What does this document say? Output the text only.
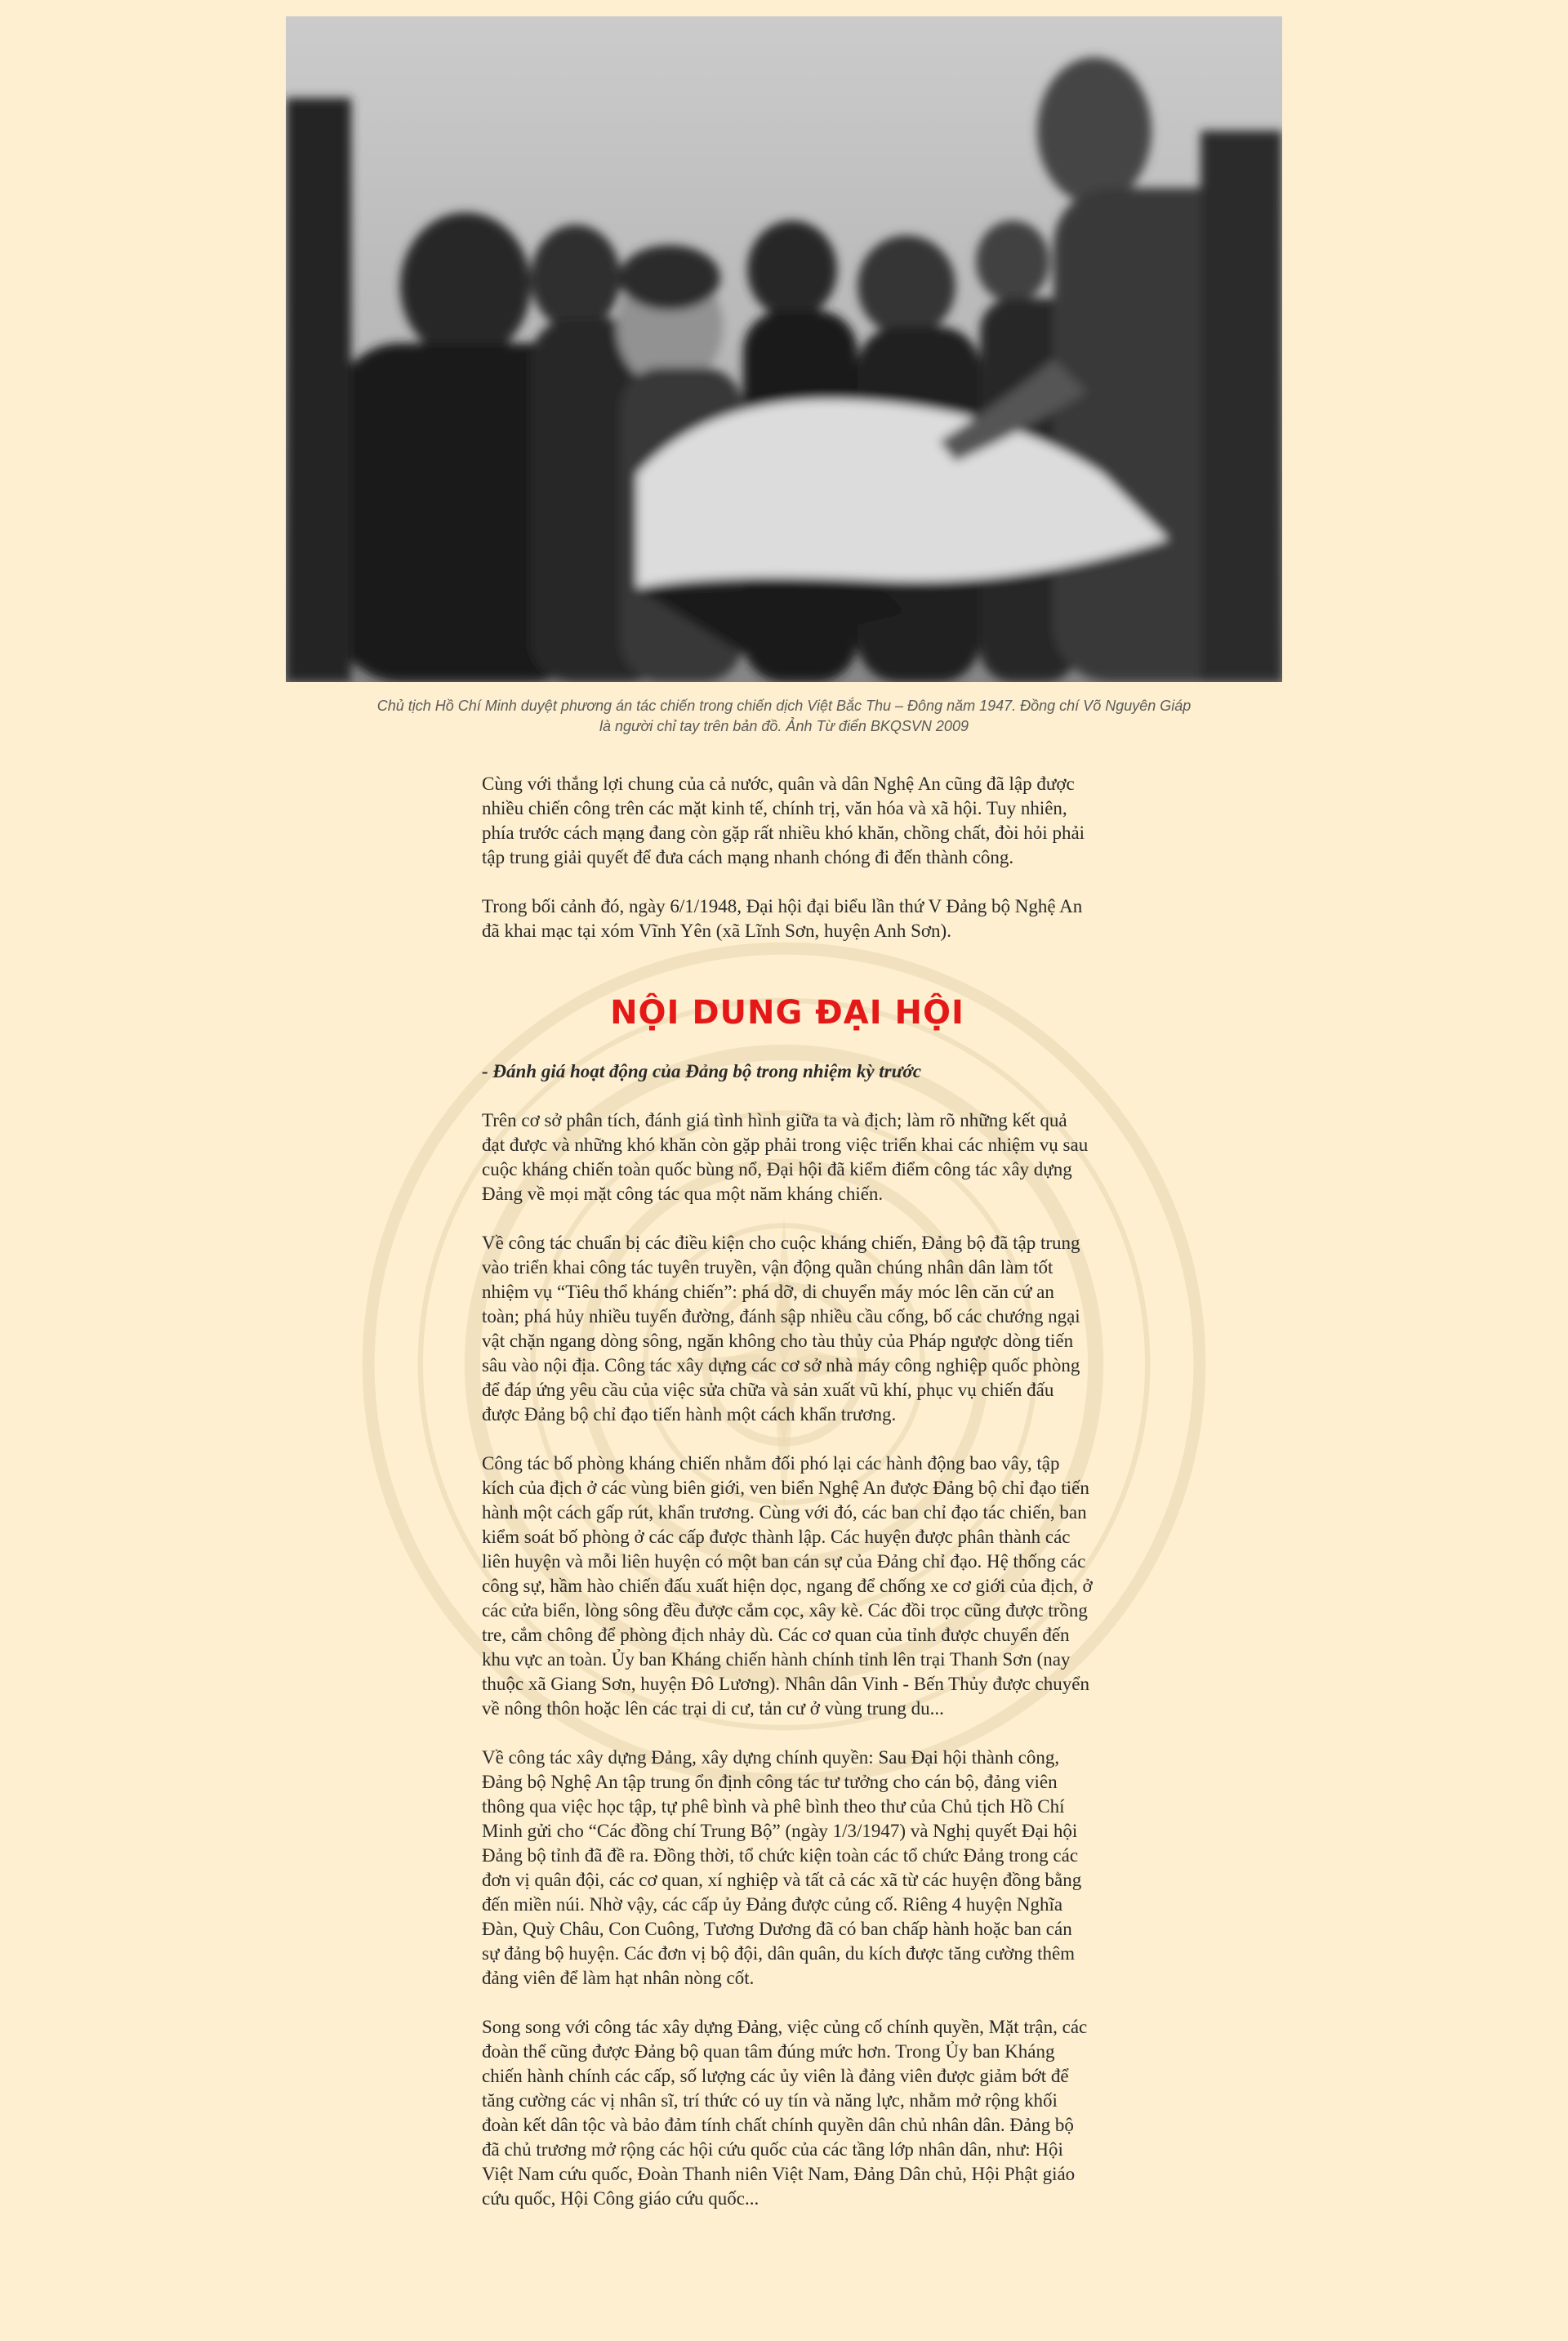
Chủ tịch Hồ Chí Minh duyệt phương án tác chiến trong chiến dịch Việt Bắc Thu – Đông năm 1947. Đồng chí Võ Nguyên Giáp
là người chỉ tay trên bản đồ. Ảnh Từ điển BKQSVN 2009

Cùng với thắng lợi chung của cả nước, quân và dân Nghệ An cũng đã lập được nhiều chiến công trên các mặt kinh tế, chính trị, văn hóa và xã hội. Tuy nhiên, phía trước cách mạng đang còn gặp rất nhiều khó khăn, chồng chất, đòi hỏi phải tập trung giải quyết để đưa cách mạng nhanh chóng đi đến thành công.

Trong bối cảnh đó, ngày 6/1/1948, Đại hội đại biểu lần thứ V Đảng bộ Nghệ An đã khai mạc tại xóm Vĩnh Yên (xã Lĩnh Sơn, huyện Anh Sơn).

NỘI DUNG ĐẠI HỘI

- Đánh giá hoạt động của Đảng bộ trong nhiệm kỳ trước

Trên cơ sở phân tích, đánh giá tình hình giữa ta và địch; làm rõ những kết quả đạt được và những khó khăn còn gặp phải trong việc triển khai các nhiệm vụ sau cuộc kháng chiến toàn quốc bùng nổ, Đại hội đã kiểm điểm công tác xây dựng Đảng về mọi mặt công tác qua một năm kháng chiến.

Về công tác chuẩn bị các điều kiện cho cuộc kháng chiến, Đảng bộ đã tập trung vào triển khai công tác tuyên truyền, vận động quần chúng nhân dân làm tốt nhiệm vụ “Tiêu thổ kháng chiến”: phá dỡ, di chuyển máy móc lên căn cứ an toàn; phá hủy nhiều tuyến đường, đánh sập nhiều cầu cống, bố các chướng ngại vật chặn ngang dòng sông, ngăn không cho tàu thủy của Pháp ngược dòng tiến sâu vào nội địa. Công tác xây dựng các cơ sở nhà máy công nghiệp quốc phòng để đáp ứng yêu cầu của việc sửa chữa và sản xuất vũ khí, phục vụ chiến đấu được Đảng bộ chỉ đạo tiến hành một cách khẩn trương.

Công tác bố phòng kháng chiến nhằm đối phó lại các hành động bao vây, tập kích của địch ở các vùng biên giới, ven biển Nghệ An được Đảng bộ chỉ đạo tiến hành một cách gấp rút, khẩn trương. Cùng với đó, các ban chỉ đạo tác chiến, ban kiểm soát bố phòng ở các cấp được thành lập. Các huyện được phân thành các liên huyện và mỗi liên huyện có một ban cán sự của Đảng chỉ đạo. Hệ thống các công sự, hầm hào chiến đấu xuất hiện dọc, ngang để chống xe cơ giới của địch, ở các cửa biển, lòng sông đều được cắm cọc, xây kè. Các đồi trọc cũng được trồng tre, cắm chông để phòng địch nhảy dù. Các cơ quan của tỉnh được chuyển đến khu vực an toàn. Ủy ban Kháng chiến hành chính tỉnh lên trại Thanh Sơn (nay thuộc xã Giang Sơn, huyện Đô Lương). Nhân dân Vinh - Bến Thủy được chuyển về nông thôn hoặc lên các trại di cư, tản cư ở vùng trung du...

Về công tác xây dựng Đảng, xây dựng chính quyền: Sau Đại hội thành công, Đảng bộ Nghệ An tập trung ổn định công tác tư tưởng cho cán bộ, đảng viên thông qua việc học tập, tự phê bình và phê bình theo thư của Chủ tịch Hồ Chí Minh gửi cho “Các đồng chí Trung Bộ” (ngày 1/3/1947) và Nghị quyết Đại hội Đảng bộ tỉnh đã đề ra. Đồng thời, tổ chức kiện toàn các tổ chức Đảng trong các đơn vị quân đội, các cơ quan, xí nghiệp và tất cả các xã từ các huyện đồng bằng đến miền núi. Nhờ vậy, các cấp ủy Đảng được củng cố. Riêng 4 huyện Nghĩa Đàn, Quỳ Châu, Con Cuông, Tương Dương đã có ban chấp hành hoặc ban cán sự đảng bộ huyện. Các đơn vị bộ đội, dân quân, du kích được tăng cường thêm đảng viên để làm hạt nhân nòng cốt.

Song song với công tác xây dựng Đảng, việc củng cố chính quyền, Mặt trận, các đoàn thể cũng được Đảng bộ quan tâm đúng mức hơn. Trong Ủy ban Kháng chiến hành chính các cấp, số lượng các ủy viên là đảng viên được giảm bớt để tăng cường các vị nhân sĩ, trí thức có uy tín và năng lực, nhằm mở rộng khối đoàn kết dân tộc và bảo đảm tính chất chính quyền dân chủ nhân dân. Đảng bộ đã chủ trương mở rộng các hội cứu quốc của các tầng lớp nhân dân, như: Hội Việt Nam cứu quốc, Đoàn Thanh niên Việt Nam, Đảng Dân chủ, Hội Phật giáo cứu quốc, Hội Công giáo cứu quốc...
